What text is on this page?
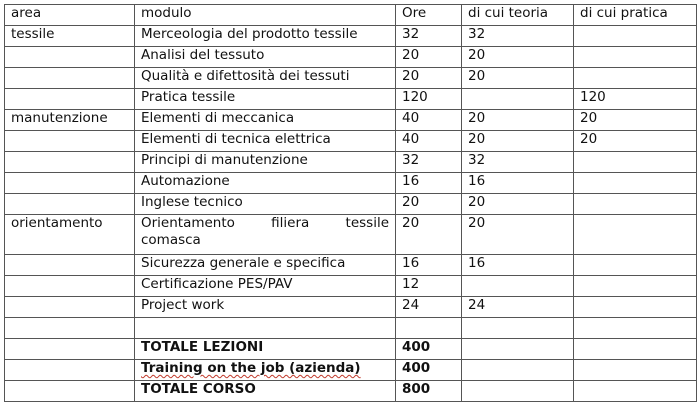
area	modulo	Ore	di cui teoria	di cui pratica
tessile	Merceologia del prodotto tessile	32	32	
	Analisi del tessuto	20	20	
	Qualità e difettosità dei tessuti	20	20	
	Pratica tessile	120		120
manutenzione	Elementi di meccanica	40	20	20
	Elementi di tecnica elettrica	40	20	20
	Principi di manutenzione	32	32	
	Automazione	16	16	
	Inglese tecnico	20	20	
orientamento	Orientamento filiera tessile comasca	20	20	
	Sicurezza generale e specifica	16	16	
	Certificazione PES/PAV	12		
	Project work	24	24	

	TOTALE LEZIONI	400		
	Training on the job (azienda)	400		
	TOTALE CORSO	800		
